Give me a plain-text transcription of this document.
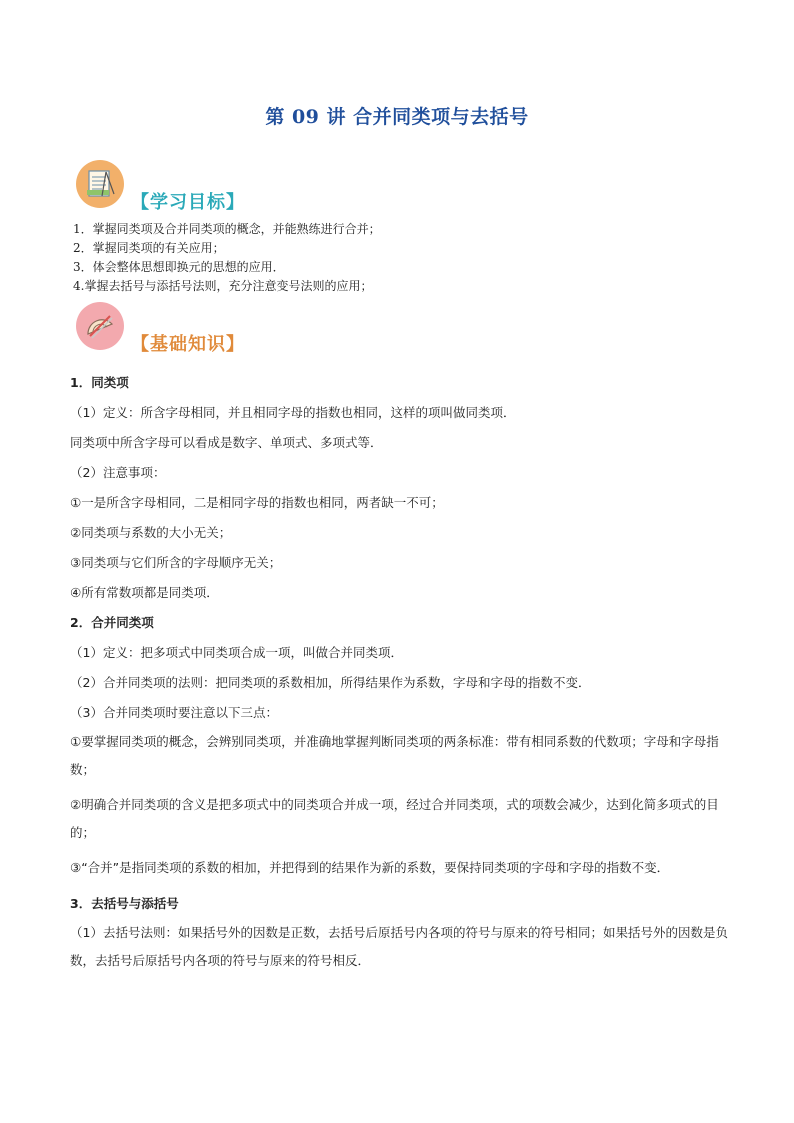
第 09 讲 合并同类项与去括号
【学习目标】
1．掌握同类项及合并同类项的概念，并能熟练进行合并；
2．掌握同类项的有关应用；
3．体会整体思想即换元的思想的应用．
4.掌握去括号与添括号法则，充分注意变号法则的应用；
【基础知识】

1．同类项

（1）定义：所含字母相同，并且相同字母的指数也相同，这样的项叫做同类项．

同类项中所含字母可以看成是数字、单项式、多项式等．

（2）注意事项：

①一是所含字母相同，二是相同字母的指数也相同，两者缺一不可；

②同类项与系数的大小无关；

③同类项与它们所含的字母顺序无关；

④所有常数项都是同类项．

2．合并同类项

（1）定义：把多项式中同类项合成一项，叫做合并同类项．

（2）合并同类项的法则：把同类项的系数相加，所得结果作为系数，字母和字母的指数不变．

（3）合并同类项时要注意以下三点：

①要掌握同类项的概念，会辨别同类项，并准确地掌握判断同类项的两条标准：带有相同系数的代数项；字母和字母指数；

②明确合并同类项的含义是把多项式中的同类项合并成一项，经过合并同类项，式的项数会减少，达到化简多项式的目的；

③“合并”是指同类项的系数的相加，并把得到的结果作为新的系数，要保持同类项的字母和字母的指数不变．

3．去括号与添括号

（1）去括号法则：如果括号外的因数是正数，去括号后原括号内各项的符号与原来的符号相同；如果括号外的因数是负数，去括号后原括号内各项的符号与原来的符号相反．
